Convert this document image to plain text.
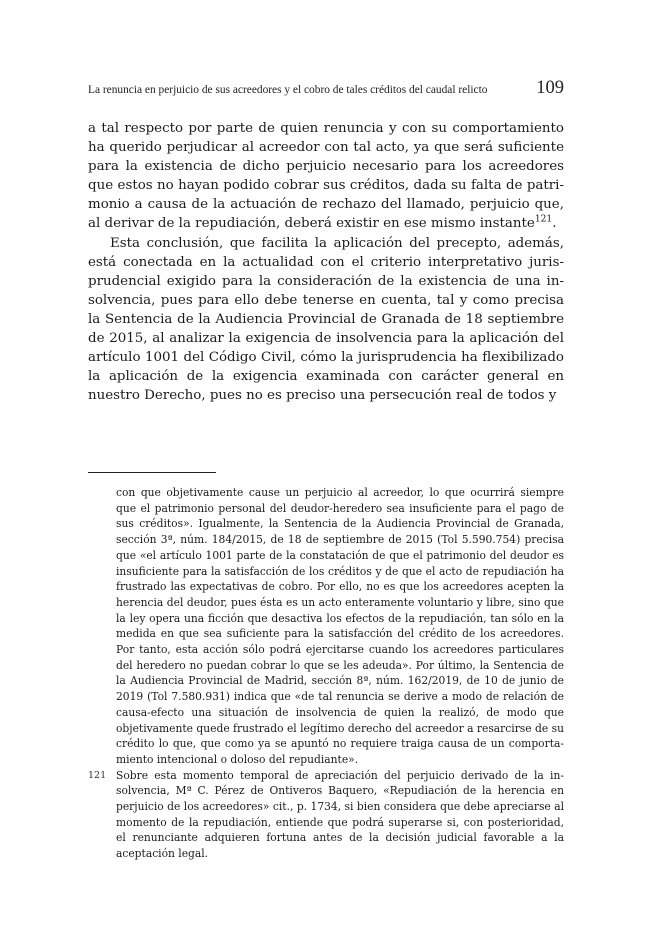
La renuncia en perjuicio de sus acreedores y el cobro de tales créditos del caudal relicto	109

a tal respecto por parte de quien renuncia y con su comportamiento ha querido perjudicar al acreedor con tal acto, ya que será suficiente para la existencia de dicho perjuicio necesario para los acreedores que estos no hayan podido cobrar sus créditos, dada su falta de patrimonio a causa de la actuación de rechazo del llamado, perjuicio que, al derivar de la repudiación, deberá existir en ese mismo instante$^{121}$.

Esta conclusión, que facilita la aplicación del precepto, además, está conectada en la actualidad con el criterio interpretativo jurisprudencial exigido para la consideración de la existencia de una insolvencia, pues para ello debe tenerse en cuenta, tal y como precisa la Sentencia de la Audiencia Provincial de Granada de 18 septiembre de 2015, al analizar la exigencia de insolvencia para la aplicación del artículo 1001 del Código Civil, cómo la jurisprudencia ha flexibilizado la aplicación de la exigencia examinada con carácter general en nuestro Derecho, pues no es preciso una persecución real de todos y

con que objetivamente cause un perjuicio al acreedor, lo que ocurrirá siempre que el patrimonio personal del deudor-heredero sea insuficiente para el pago de sus créditos». Igualmente, la Sentencia de la Audiencia Provincial de Granada, sección 3ª, núm. 184/2015, de 18 de septiembre de 2015 (Tol 5.590.754) precisa que «el artículo 1001 parte de la constatación de que el patrimonio del deudor es insuficiente para la satisfacción de los créditos y de que el acto de repudiación ha frustrado las expectativas de cobro. Por ello, no es que los acreedores acepten la herencia del deudor, pues ésta es un acto enteramente voluntario y libre, sino que la ley opera una ficción que desactiva los efectos de la repudiación, tan sólo en la medida en que sea suficiente para la satisfacción del crédito de los acreedores. Por tanto, esta acción sólo podrá ejercitarse cuando los acreedores particulares del heredero no puedan cobrar lo que se les adeuda». Por último, la Sentencia de la Audiencia Provincial de Madrid, sección 8ª, núm. 162/2019, de 10 de junio de 2019 (Tol 7.580.931) indica que «de tal renuncia se derive a modo de relación de causa-efecto una situación de insolvencia de quien la realizó, de modo que objetivamente quede frustrado el legítimo derecho del acreedor a resarcirse de su crédito lo que, que como ya se apuntó no requiere traiga causa de un comportamiento intencional o doloso del repudiante».

121 Sobre esta momento temporal de apreciación del perjuicio derivado de la insolvencia, Mª C. Pérez de Ontiveros Baquero, «Repudiación de la herencia en perjuicio de los acreedores» cit., p. 1734, si bien considera que debe apreciarse al momento de la repudiación, entiende que podrá superarse si, con posterioridad, el renunciante adquieren fortuna antes de la decisión judicial favorable a la aceptación legal.
